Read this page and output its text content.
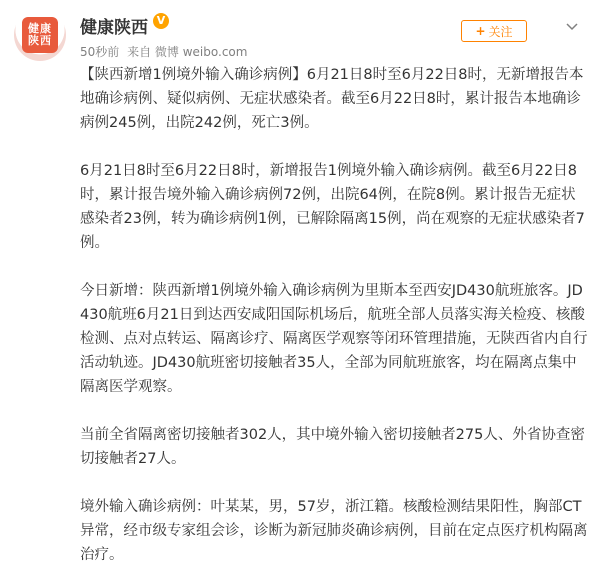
健康
陕西
健康陕西 V
50秒前 来自 微博 weibo.com
+ 关注

【陕西新增1例境外输入确诊病例】6月21日8时至6月22日8时，无新增报告本地确诊病例、疑似病例、无症状感染者。截至6月22日8时，累计报告本地确诊病例245例，出院242例，死亡3例。

6月21日8时至6月22日8时，新增报告1例境外输入确诊病例。截至6月22日8时，累计报告境外输入确诊病例72例，出院64例，在院8例。累计报告无症状感染者23例，转为确诊病例1例，已解除隔离15例，尚在观察的无症状感染者7例。

今日新增：陕西新增1例境外输入确诊病例为里斯本至西安JD430航班旅客。JD430航班6月21日到达西安咸阳国际机场后，航班全部人员落实海关检疫、核酸检测、点对点转运、隔离诊疗、隔离医学观察等闭环管理措施，无陕西省内自行活动轨迹。JD430航班密切接触者35人，全部为同航班旅客，均在隔离点集中隔离医学观察。

当前全省隔离密切接触者302人，其中境外输入密切接触者275人、外省协查密切接触者27人。

境外输入确诊病例：叶某某，男，57岁，浙江籍。核酸检测结果阳性，胸部CT异常，经市级专家组会诊，诊断为新冠肺炎确诊病例，目前在定点医疗机构隔离治疗。
